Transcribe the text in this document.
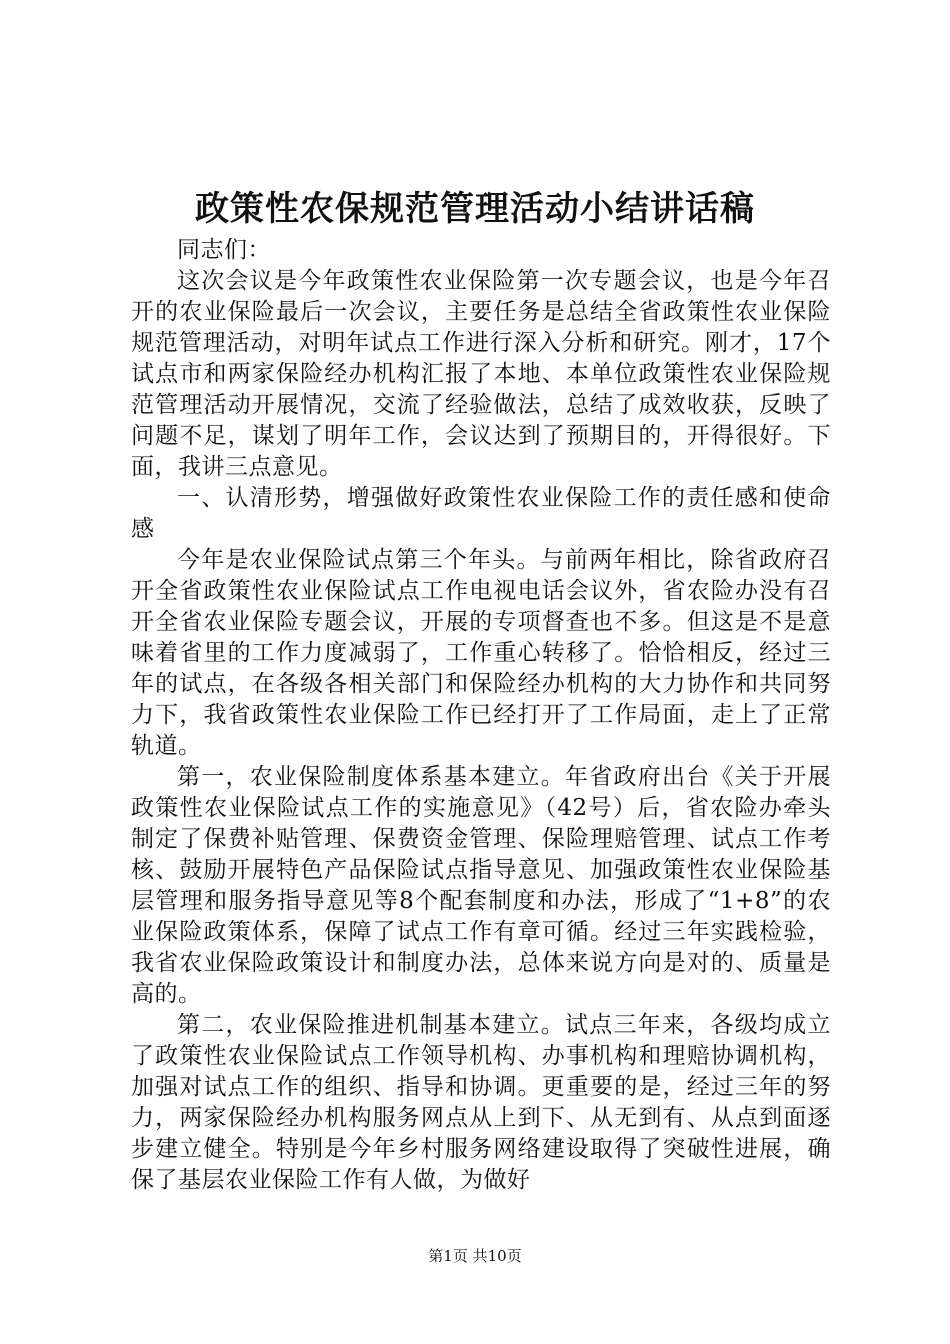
政策性农保规范管理活动小结讲话稿

同志们：

这次会议是今年政策性农业保险第一次专题会议，也是今年召开的农业保险最后一次会议，主要任务是总结全省政策性农业保险规范管理活动，对明年试点工作进行深入分析和研究。刚才，17个试点市和两家保险经办机构汇报了本地、本单位政策性农业保险规范管理活动开展情况，交流了经验做法，总结了成效收获，反映了问题不足，谋划了明年工作，会议达到了预期目的，开得很好。下面，我讲三点意见。

一、认清形势，增强做好政策性农业保险工作的责任感和使命感

今年是农业保险试点第三个年头。与前两年相比，除省政府召开全省政策性农业保险试点工作电视电话会议外，省农险办没有召开全省农业保险专题会议，开展的专项督查也不多。但这是不是意味着省里的工作力度减弱了，工作重心转移了。恰恰相反，经过三年的试点，在各级各相关部门和保险经办机构的大力协作和共同努力下，我省政策性农业保险工作已经打开了工作局面，走上了正常轨道。

第一，农业保险制度体系基本建立。年省政府出台《关于开展政策性农业保险试点工作的实施意见》（42号）后，省农险办牵头制定了保费补贴管理、保费资金管理、保险理赔管理、试点工作考核、鼓励开展特色产品保险试点指导意见、加强政策性农业保险基层管理和服务指导意见等8个配套制度和办法，形成了“1+8”的农业保险政策体系，保障了试点工作有章可循。经过三年实践检验，我省农业保险政策设计和制度办法，总体来说方向是对的、质量是高的。

第二，农业保险推进机制基本建立。试点三年来，各级均成立了政策性农业保险试点工作领导机构、办事机构和理赔协调机构，加强对试点工作的组织、指导和协调。更重要的是，经过三年的努力，两家保险经办机构服务网点从上到下、从无到有、从点到面逐步建立健全。特别是今年乡村服务网络建设取得了突破性进展，确保了基层农业保险工作有人做，为做好

第1页 共10页
